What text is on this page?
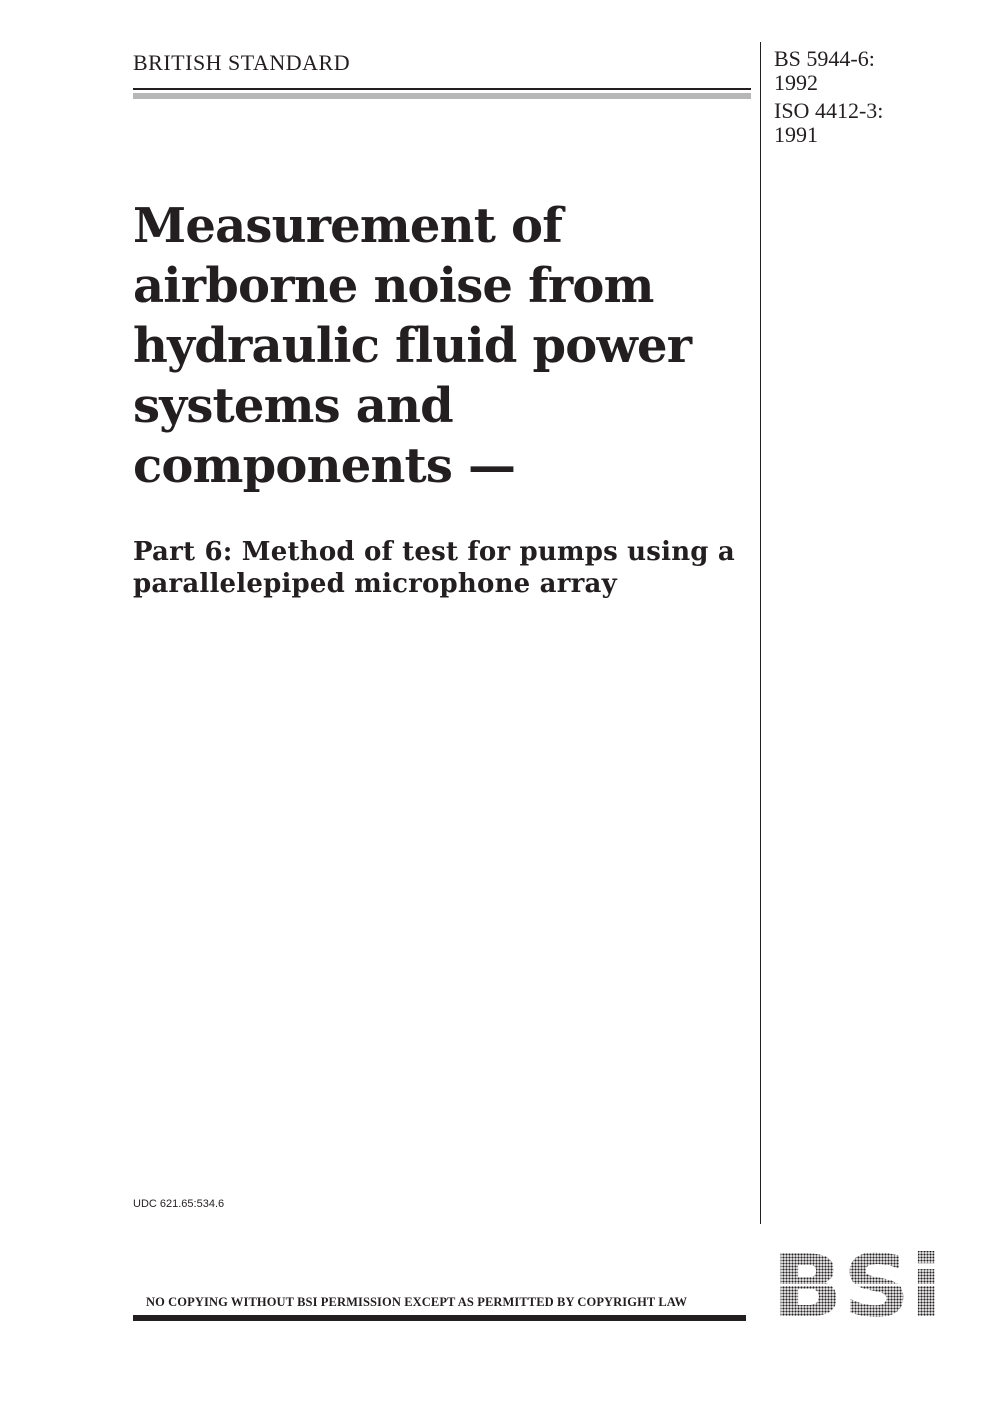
BRITISH STANDARD	BS 5944-6:
1992
ISO 4412-3:
1991
Measurement of
airborne noise from
hydraulic fluid power
systems and
components —
Part 6: Method of test for pumps using a
parallelepiped microphone array
UDC 621.65:534.6
NO COPYING WITHOUT BSI PERMISSION EXCEPT AS PERMITTED BY COPYRIGHT LAW
